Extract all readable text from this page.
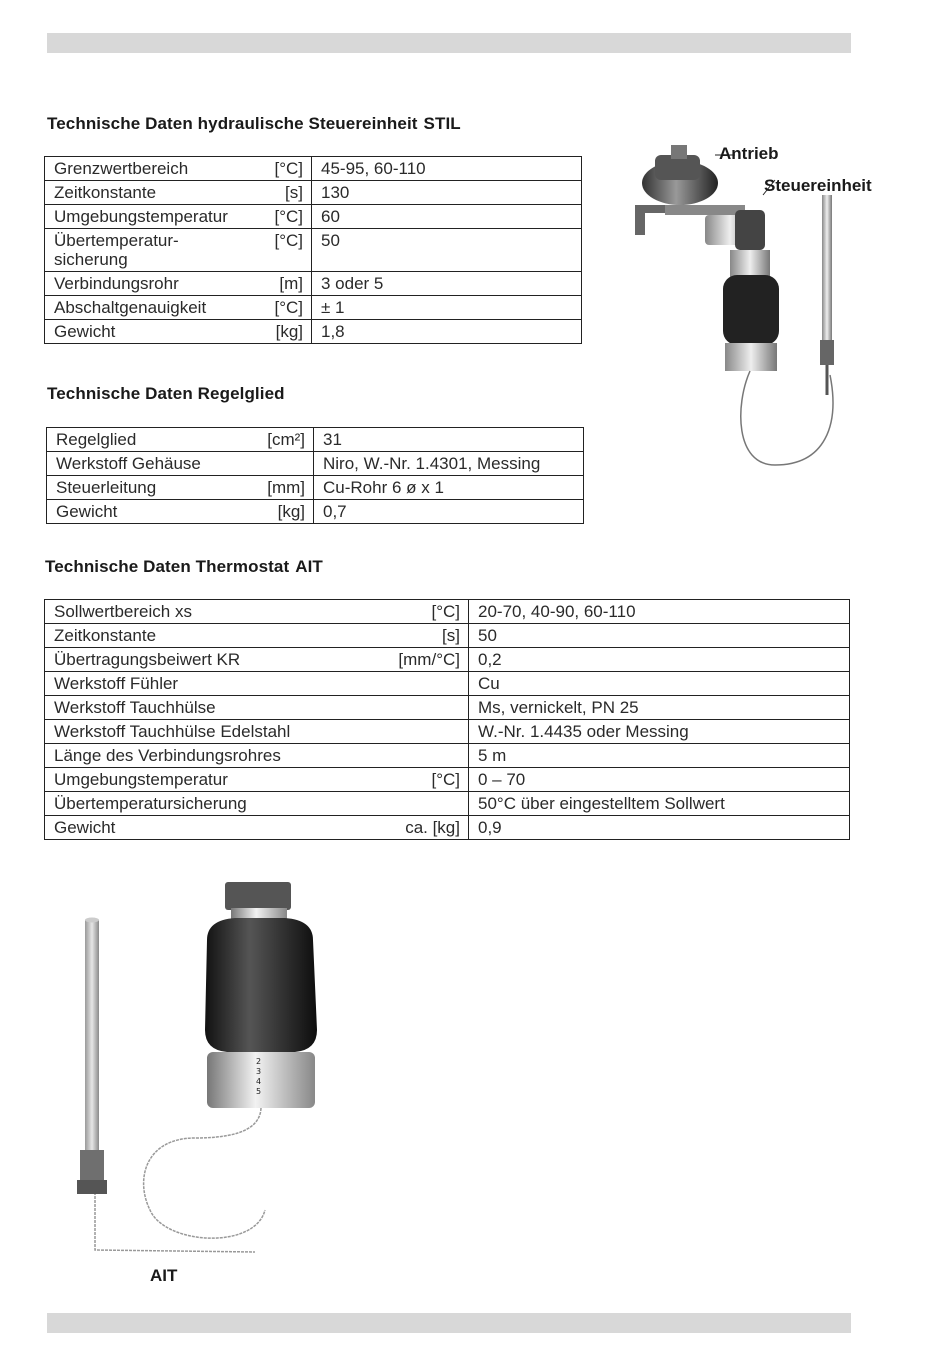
Technische Daten hydraulische Steuereinheit STIL
Grenzwertbereich	[°C]	45-95, 60-110

Zeitkonstante	[s]	130

Umgebungstemperatur	[°C]	60

Übertemperatur-
sicherung	[°C]	50

Verbindungsrohr	[m]	3 oder 5

Abschaltgenauigkeit	[°C]	± 1

Gewicht	[kg]	1,8
Technische Daten Regelglied
Regelglied	[cm²]	31

Werkstoff Gehäuse		Niro, W.-Nr. 1.4301, Messing

Steuerleitung	[mm]	Cu-Rohr 6 ø x 1

Gewicht	[kg]	0,7
Technische Daten Thermostat AIT
Sollwertbereich xs	[°C]	20-70, 40-90, 60-110

Zeitkonstante	[s]	50

Übertragungsbeiwert KR	[mm/°C]	0,2

Werkstoff Fühler		Cu

Werkstoff Tauchhülse		Ms, vernickelt, PN 25

Werkstoff Tauchhülse Edelstahl		W.-Nr. 1.4435 oder Messing

Länge des Verbindungsrohres		5 m

Umgebungstemperatur	[°C]	0 – 70

Übertemperatursicherung		50°C über eingestelltem Sollwert

Gewicht	ca. [kg]	0,9
Antrieb
Steuereinheit
2
3
4
5
AIT
